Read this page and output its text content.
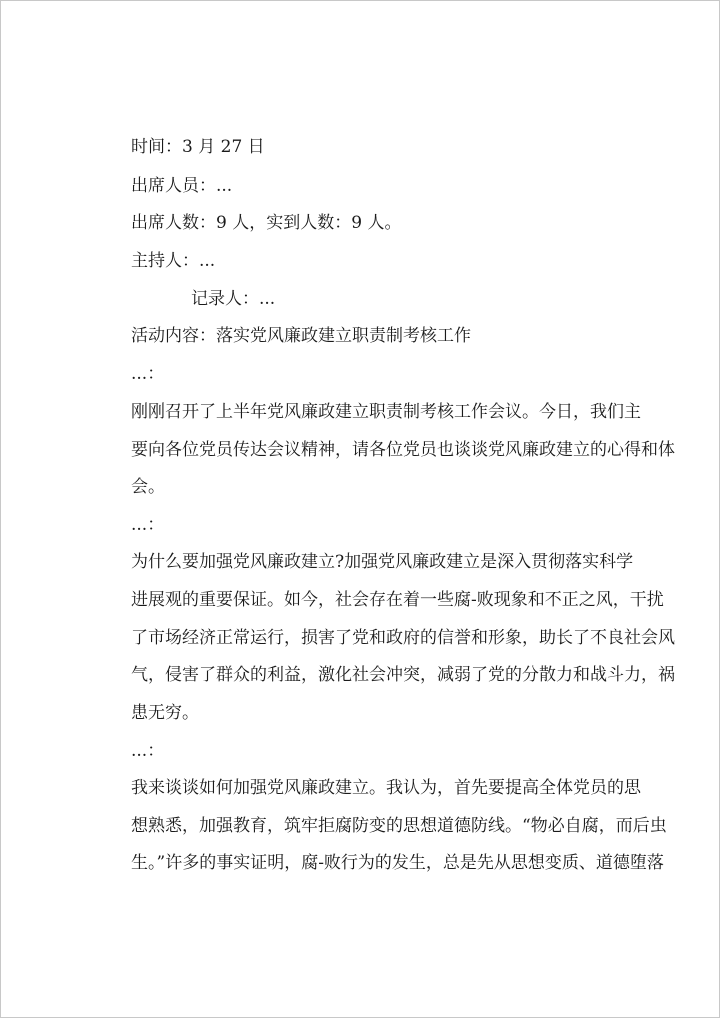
时间：3 月 27 日
出席人员：...
出席人数：9 人，实到人数：9 人。
主持人：...
记录人：...
活动内容：落实党风廉政建立职责制考核工作
...：
刚刚召开了上半年党风廉政建立职责制考核工作会议。今日，我们主
要向各位党员传达会议精神，请各位党员也谈谈党风廉政建立的心得和体
会。
...：
为什么要加强党风廉政建立?加强党风廉政建立是深入贯彻落实科学
进展观的重要保证。如今，社会存在着一些腐-败现象和不正之风，干扰
了市场经济正常运行，损害了党和政府的信誉和形象，助长了不良社会风
气，侵害了群众的利益，激化社会冲突，减弱了党的分散力和战斗力，祸
患无穷。
...：
我来谈谈如何加强党风廉政建立。我认为，首先要提高全体党员的思
想熟悉，加强教育，筑牢拒腐防变的思想道德防线。“物必自腐，而后虫
生。”许多的事实证明，腐-败行为的发生，总是先从思想变质、道德堕落
